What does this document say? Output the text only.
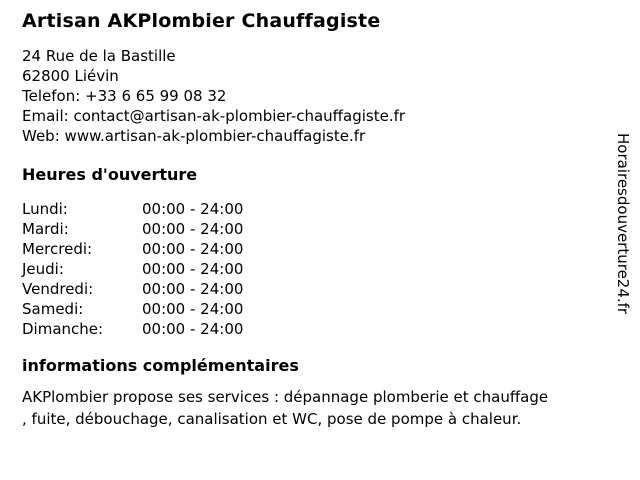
Artisan AKPlombier Chauffagiste
24 Rue de la Bastille
62800 Liévin
Telefon: +33 6 65 99 08 32
Email: contact@artisan-ak-plombier-chauffagiste.fr
Web: www.artisan-ak-plombier-chauffagiste.fr
Heures d'ouverture
Lundi:	00:00 - 24:00
Mardi:	00:00 - 24:00
Mercredi:	00:00 - 24:00
Jeudi:	00:00 - 24:00
Vendredi:	00:00 - 24:00
Samedi:	00:00 - 24:00
Dimanche:	00:00 - 24:00
informations complémentaires
AKPlombier propose ses services : dépannage plomberie et chauffage
, fuite, débouchage, canalisation et WC, pose de pompe à chaleur.
Horairesdouverture24.fr
